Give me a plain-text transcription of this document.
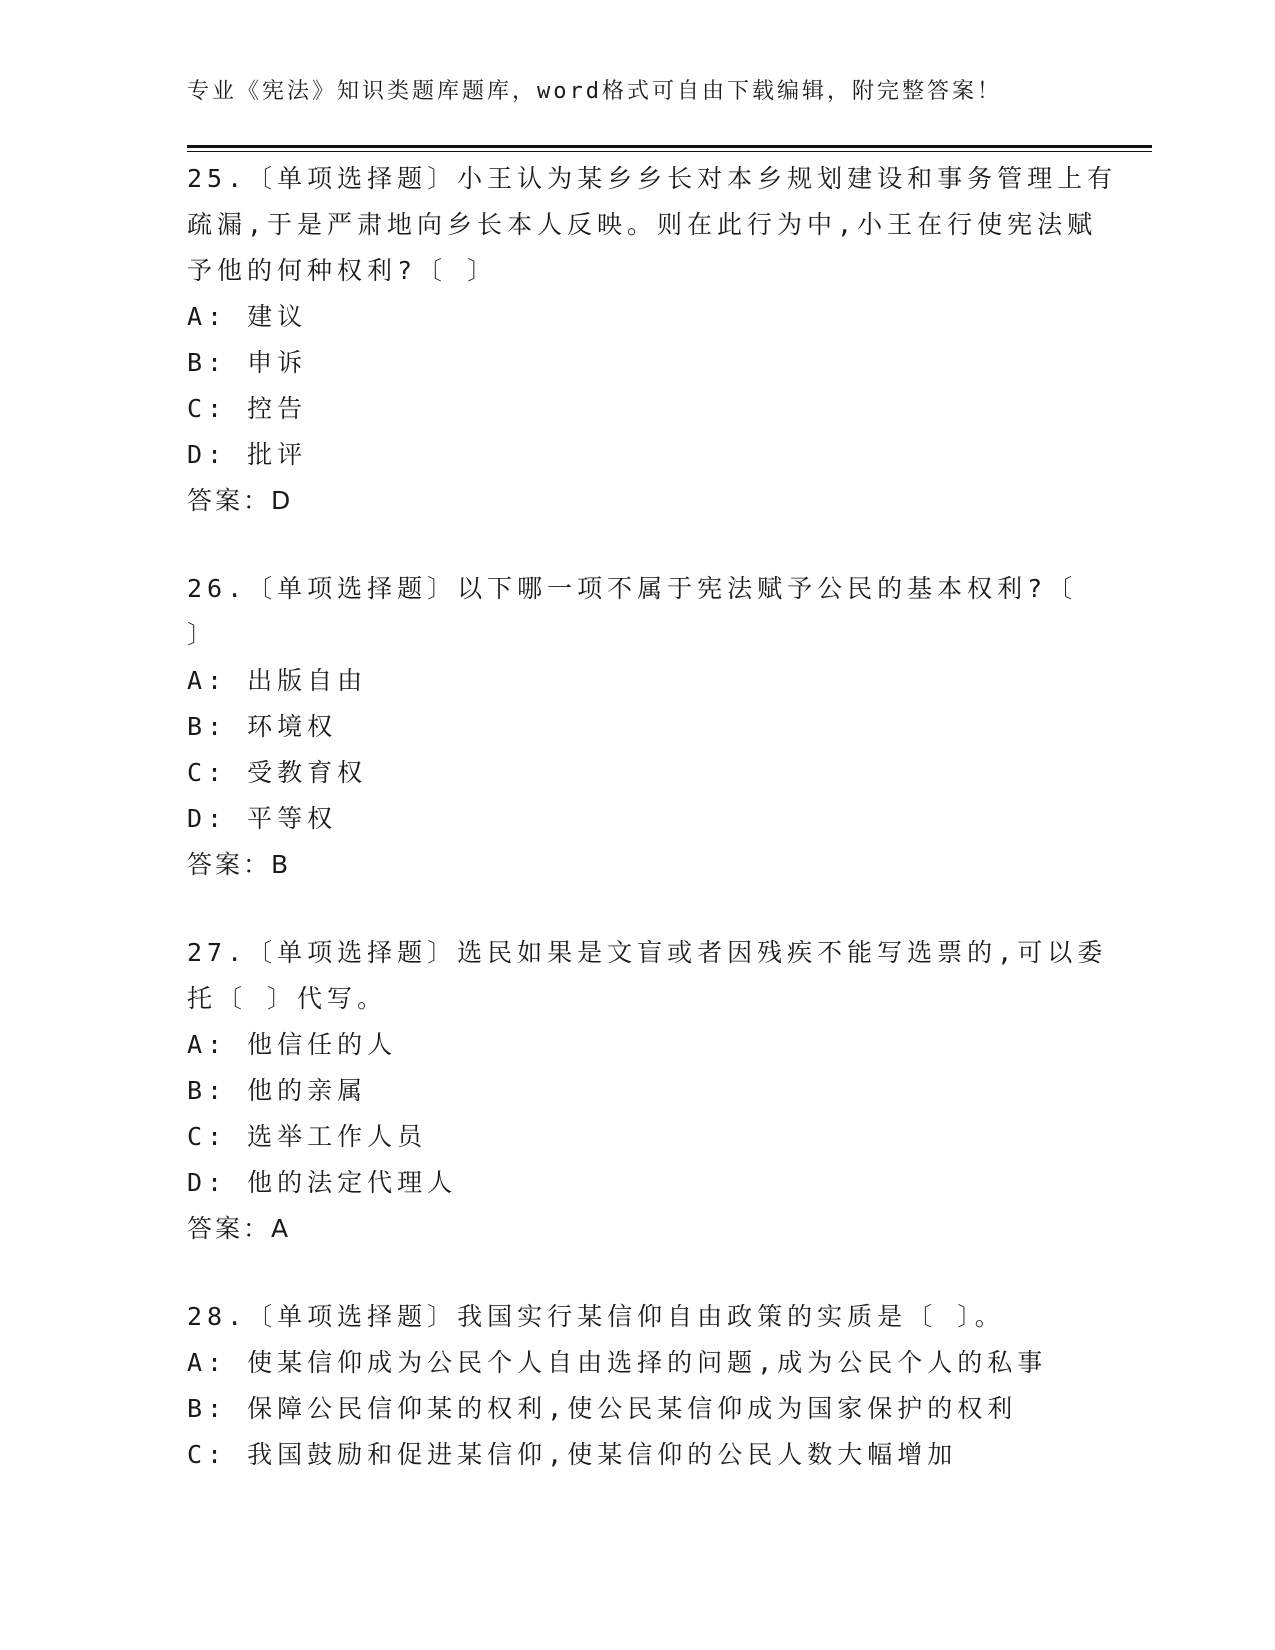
专业《宪法》知识类题库题库，word格式可自由下载编辑，附完整答案！
25.〔单项选择题〕小王认为某乡乡长对本乡规划建设和事务管理上有
疏漏,于是严肃地向乡长本人反映。则在此行为中,小王在行使宪法赋
予他的何种权利?〔 〕
A: 建议
B: 申诉
C: 控告
D: 批评
答案：D
26.〔单项选择题〕以下哪一项不属于宪法赋予公民的基本权利?〔
〕
A: 出版自由
B: 环境权
C: 受教育权
D: 平等权
答案：B
27.〔单项选择题〕选民如果是文盲或者因残疾不能写选票的,可以委
托〔 〕代写。
A: 他信任的人
B: 他的亲属
C: 选举工作人员
D: 他的法定代理人
答案：A
28.〔单项选择题〕我国实行某信仰自由政策的实质是〔 〕。
A: 使某信仰成为公民个人自由选择的问题,成为公民个人的私事
B: 保障公民信仰某的权利,使公民某信仰成为国家保护的权利
C: 我国鼓励和促进某信仰,使某信仰的公民人数大幅增加
